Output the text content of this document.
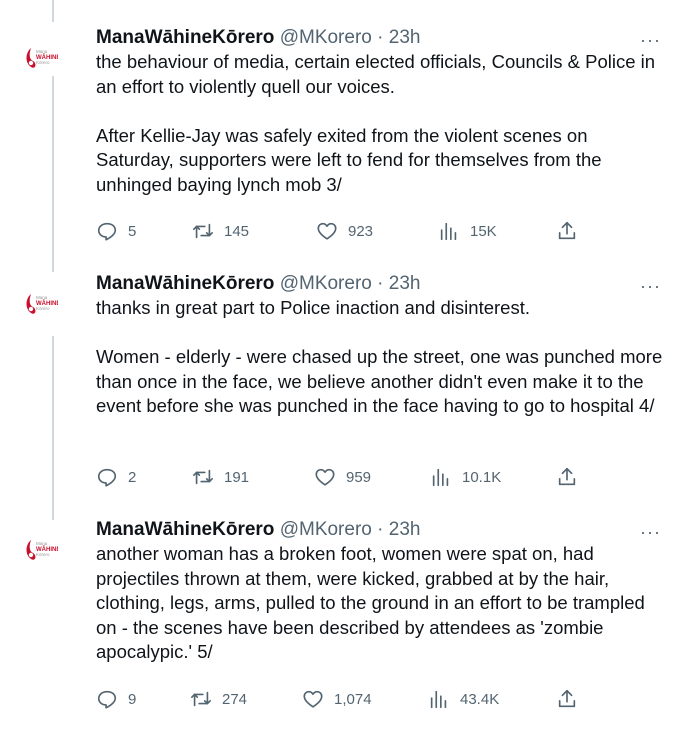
Mana
WĀHINE
Kōrero
ManaWāhineKōrero @MKorero · 23h	···

the behaviour of media, certain elected officials, Councils & Police in an effort to violently quell our voices.

After Kellie-Jay was safely exited from the violent scenes on Saturday, supporters were left to fend for themselves from the unhinged baying lynch mob 3/

5	145	923	15K
Mana
WĀHINE
Kōrero
ManaWāhineKōrero @MKorero · 23h	···

thanks in great part to Police inaction and disinterest.

Women - elderly - were chased up the street, one was punched more than once in the face, we believe another didn't even make it to the event before she was punched in the face having to go to hospital 4/

2	191	959	10.1K
Mana
WĀHINE
Kōrero
ManaWāhineKōrero @MKorero · 23h	···

another woman has a broken foot, women were spat on, had projectiles thrown at them, were kicked, grabbed at by the hair, clothing, legs, arms, pulled to the ground in an effort to be trampled on - the scenes have been described by attendees as 'zombie apocalypic.' 5/

9	274	1,074	43.4K
